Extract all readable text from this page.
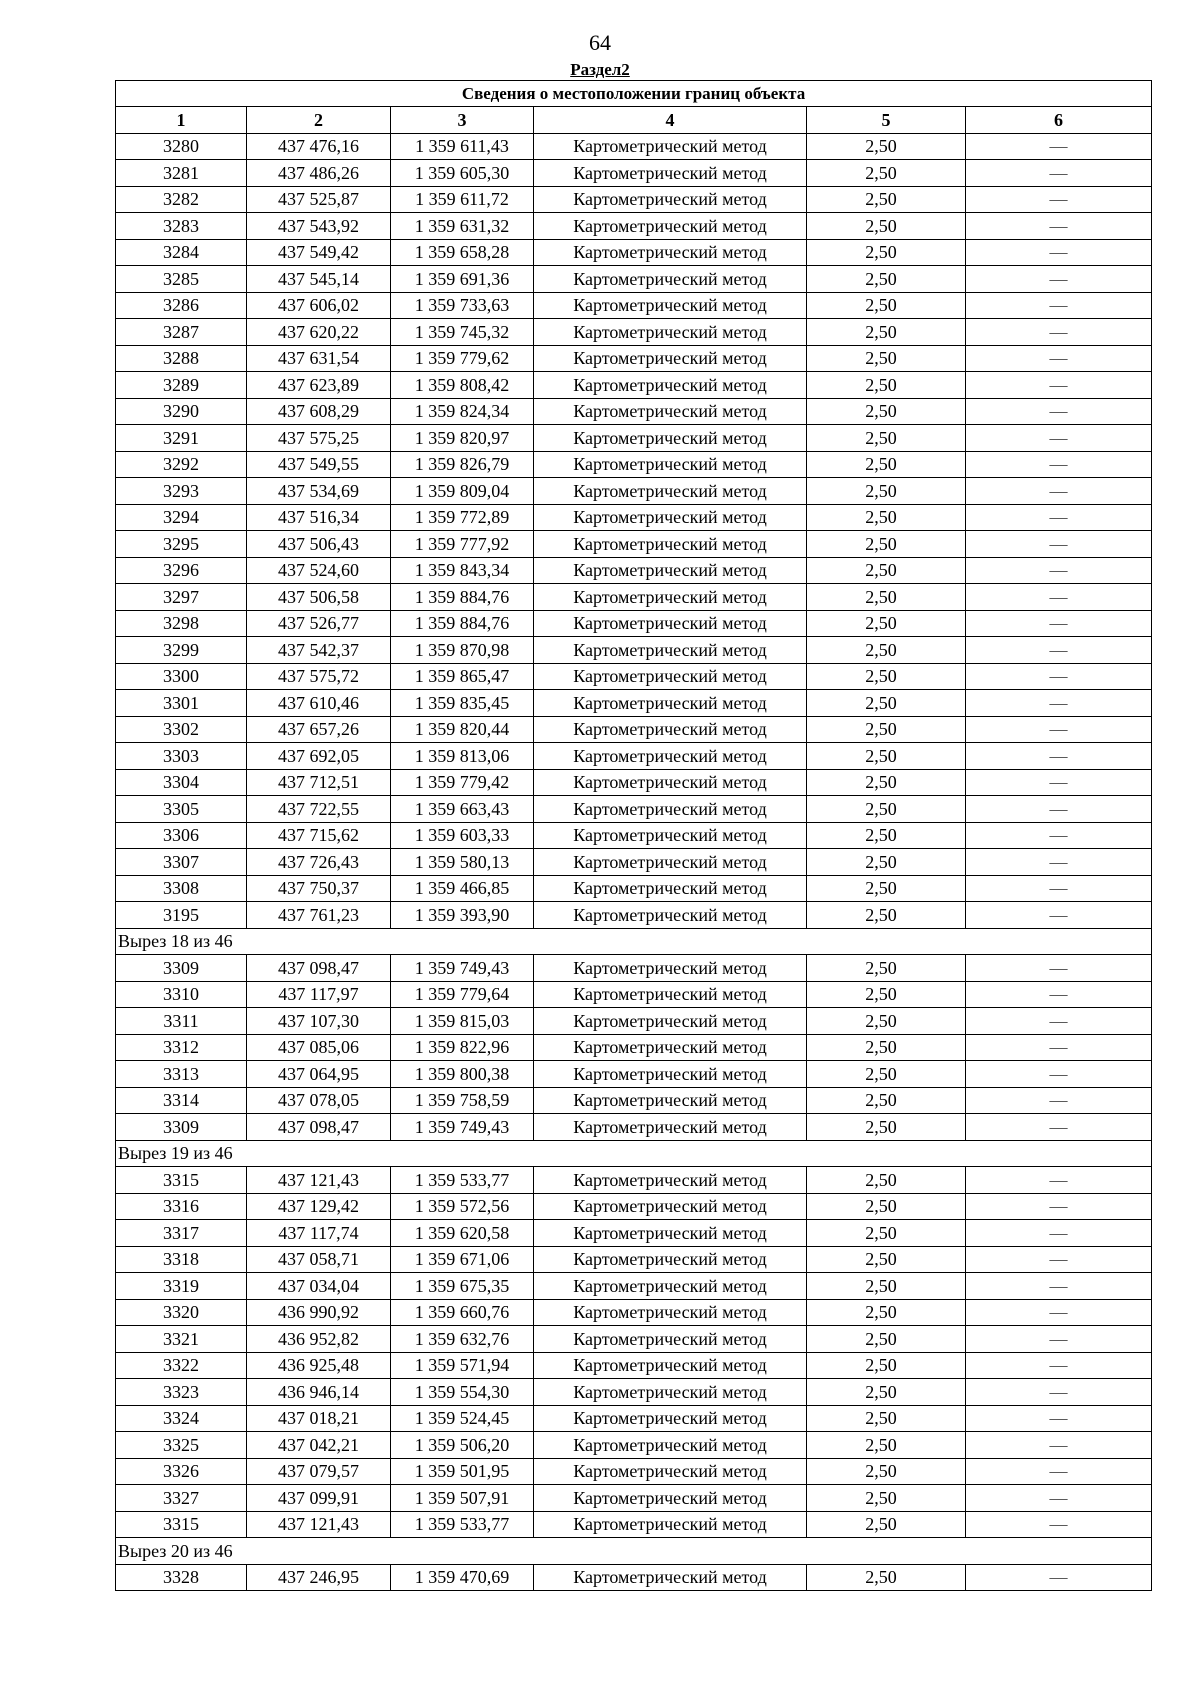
64
Раздел2
Сведения о местоположении границ объекта					
1	2	3	4	5	6
3280	437 476,16	1 359 611,43	Картометрический метод	2,50	—
3281	437 486,26	1 359 605,30	Картометрический метод	2,50	—
3282	437 525,87	1 359 611,72	Картометрический метод	2,50	—
3283	437 543,92	1 359 631,32	Картометрический метод	2,50	—
3284	437 549,42	1 359 658,28	Картометрический метод	2,50	—
3285	437 545,14	1 359 691,36	Картометрический метод	2,50	—
3286	437 606,02	1 359 733,63	Картометрический метод	2,50	—
3287	437 620,22	1 359 745,32	Картометрический метод	2,50	—
3288	437 631,54	1 359 779,62	Картометрический метод	2,50	—
3289	437 623,89	1 359 808,42	Картометрический метод	2,50	—
3290	437 608,29	1 359 824,34	Картометрический метод	2,50	—
3291	437 575,25	1 359 820,97	Картометрический метод	2,50	—
3292	437 549,55	1 359 826,79	Картометрический метод	2,50	—
3293	437 534,69	1 359 809,04	Картометрический метод	2,50	—
3294	437 516,34	1 359 772,89	Картометрический метод	2,50	—
3295	437 506,43	1 359 777,92	Картометрический метод	2,50	—
3296	437 524,60	1 359 843,34	Картометрический метод	2,50	—
3297	437 506,58	1 359 884,76	Картометрический метод	2,50	—
3298	437 526,77	1 359 884,76	Картометрический метод	2,50	—
3299	437 542,37	1 359 870,98	Картометрический метод	2,50	—
3300	437 575,72	1 359 865,47	Картометрический метод	2,50	—
3301	437 610,46	1 359 835,45	Картометрический метод	2,50	—
3302	437 657,26	1 359 820,44	Картометрический метод	2,50	—
3303	437 692,05	1 359 813,06	Картометрический метод	2,50	—
3304	437 712,51	1 359 779,42	Картометрический метод	2,50	—
3305	437 722,55	1 359 663,43	Картометрический метод	2,50	—
3306	437 715,62	1 359 603,33	Картометрический метод	2,50	—
3307	437 726,43	1 359 580,13	Картометрический метод	2,50	—
3308	437 750,37	1 359 466,85	Картометрический метод	2,50	—
3195	437 761,23	1 359 393,90	Картометрический метод	2,50	—
Вырез 18 из 46					
3309	437 098,47	1 359 749,43	Картометрический метод	2,50	—
3310	437 117,97	1 359 779,64	Картометрический метод	2,50	—
3311	437 107,30	1 359 815,03	Картометрический метод	2,50	—
3312	437 085,06	1 359 822,96	Картометрический метод	2,50	—
3313	437 064,95	1 359 800,38	Картометрический метод	2,50	—
3314	437 078,05	1 359 758,59	Картометрический метод	2,50	—
3309	437 098,47	1 359 749,43	Картометрический метод	2,50	—
Вырез 19 из 46					
3315	437 121,43	1 359 533,77	Картометрический метод	2,50	—
3316	437 129,42	1 359 572,56	Картометрический метод	2,50	—
3317	437 117,74	1 359 620,58	Картометрический метод	2,50	—
3318	437 058,71	1 359 671,06	Картометрический метод	2,50	—
3319	437 034,04	1 359 675,35	Картометрический метод	2,50	—
3320	436 990,92	1 359 660,76	Картометрический метод	2,50	—
3321	436 952,82	1 359 632,76	Картометрический метод	2,50	—
3322	436 925,48	1 359 571,94	Картометрический метод	2,50	—
3323	436 946,14	1 359 554,30	Картометрический метод	2,50	—
3324	437 018,21	1 359 524,45	Картометрический метод	2,50	—
3325	437 042,21	1 359 506,20	Картометрический метод	2,50	—
3326	437 079,57	1 359 501,95	Картометрический метод	2,50	—
3327	437 099,91	1 359 507,91	Картометрический метод	2,50	—
3315	437 121,43	1 359 533,77	Картометрический метод	2,50	—
Вырез 20 из 46					
3328	437 246,95	1 359 470,69	Картометрический метод	2,50	—
